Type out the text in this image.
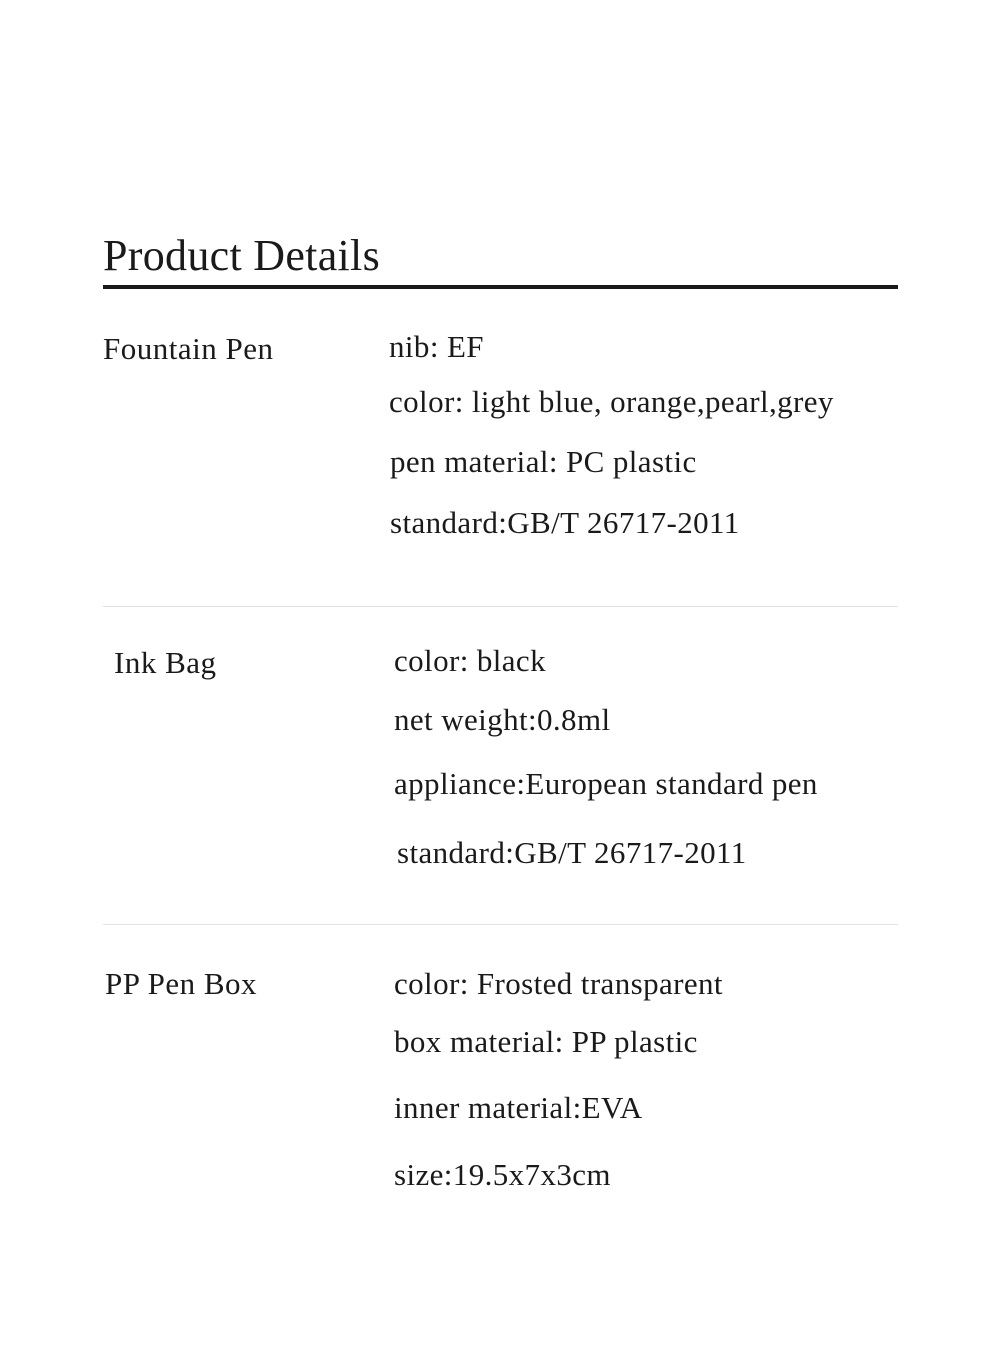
Product Details
Fountain Pen	nib: EF
color: light blue, orange,pearl,grey
pen material: PC plastic
standard:GB/T 26717-2011
Ink Bag	color: black
net weight:0.8ml
appliance:European standard pen
standard:GB/T 26717-2011
PP Pen Box	color: Frosted transparent
box material: PP plastic
inner material:EVA
size:19.5x7x3cm
